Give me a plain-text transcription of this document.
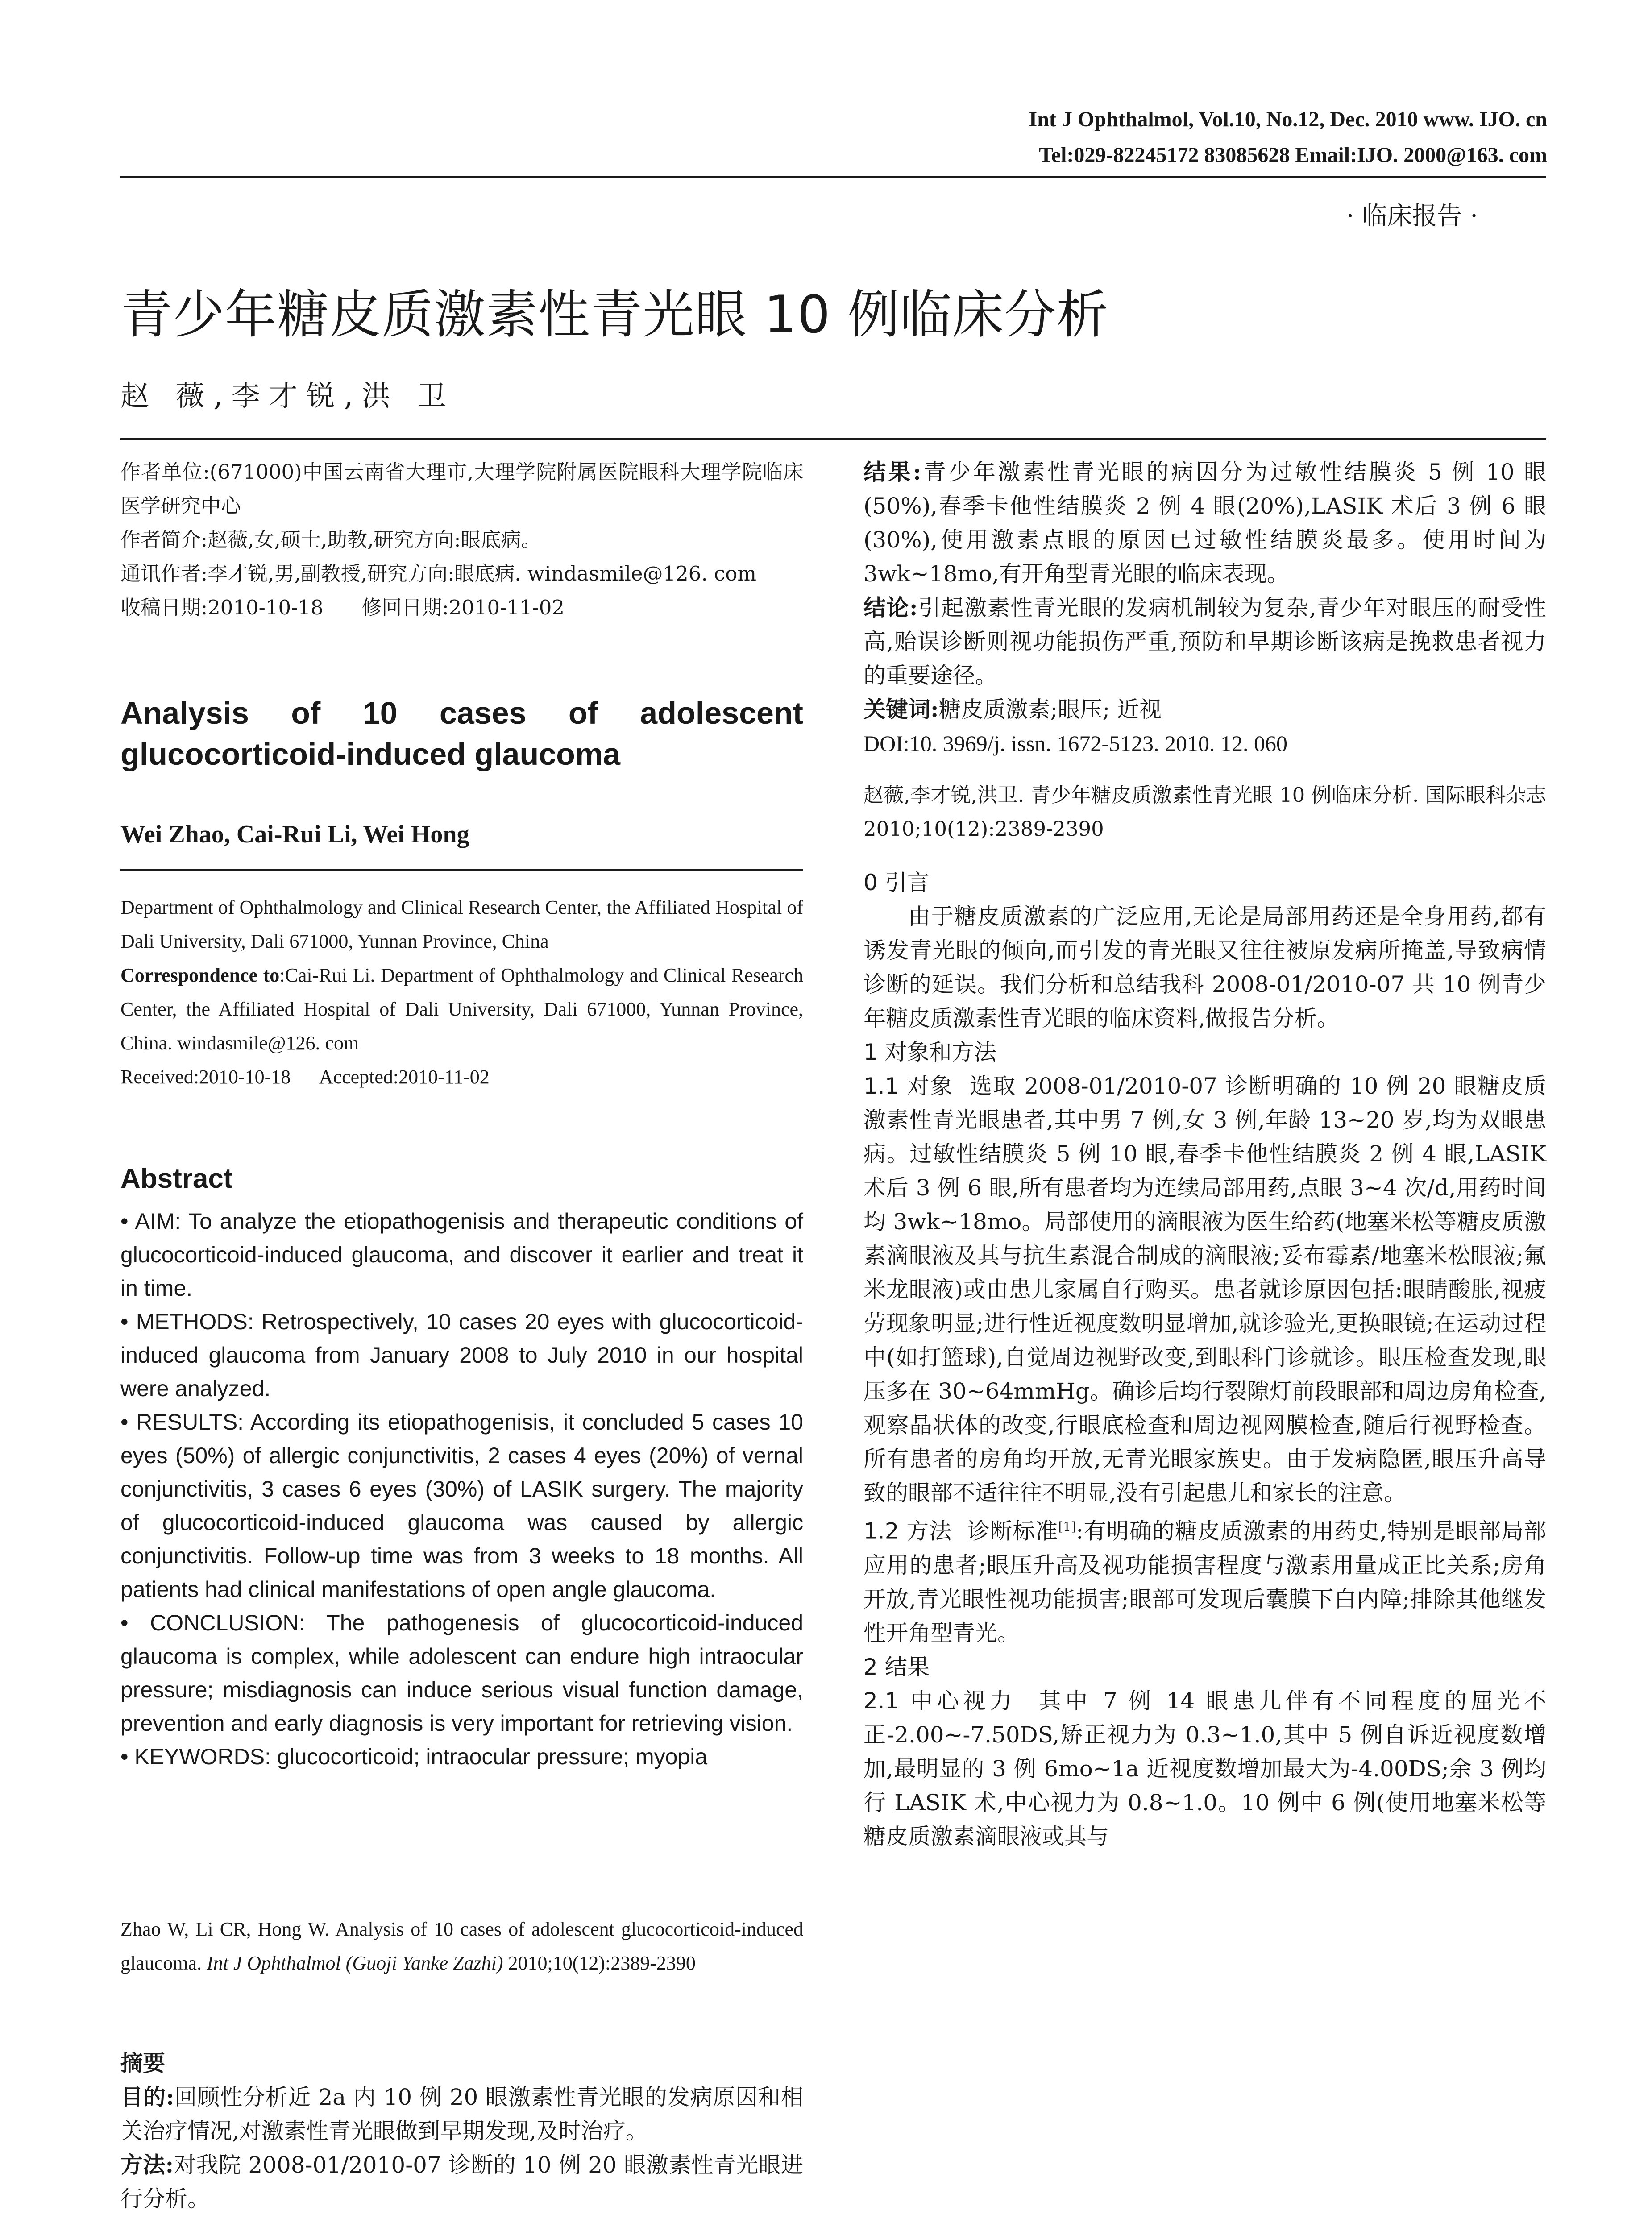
Int J Ophthalmol, Vol.10, No.12, Dec. 2010 www. IJO. cn
Tel:029-82245172 83085628 Email:IJO. 2000@163. com
· 临床报告 ·
青少年糖皮质激素性青光眼 10 例临床分析
赵 薇,李才锐,洪 卫

作者单位:(671000)中国云南省大理市,大理学院附属医院眼科大理学院临床医学研究中心

作者简介:赵薇,女,硕士,助教,研究方向:眼底病。

通讯作者:李才锐,男,副教授,研究方向:眼底病. windasmile@126. com

收稿日期:2010-10-18      修回日期:2010-11-02

Analysis of 10 cases of adolescent glucocorticoid-induced glaucoma
Wei Zhao, Cai-Rui Li, Wei Hong

Department of Ophthalmology and Clinical Research Center, the Affiliated Hospital of Dali University, Dali 671000, Yunnan Province, China

Correspondence to:Cai-Rui Li. Department of Ophthalmology and Clinical Research Center, the Affiliated Hospital of Dali University, Dali 671000, Yunnan Province, China. windasmile@126. com

Received:2010-10-18      Accepted:2010-11-02

Abstract

• AIM: To analyze the etiopathogenisis and therapeutic conditions of glucocorticoid-induced glaucoma, and discover it earlier and treat it in time.

• METHODS: Retrospectively, 10 cases 20 eyes with glucocorticoid-induced glaucoma from January 2008 to July 2010 in our hospital were analyzed.

• RESULTS: According its etiopathogenisis, it concluded 5 cases 10 eyes (50%) of allergic conjunctivitis, 2 cases 4 eyes (20%) of vernal conjunctivitis, 3 cases 6 eyes (30%) of LASIK surgery. The majority of glucocorticoid-induced glaucoma was caused by allergic conjunctivitis. Follow-up time was from 3 weeks to 18 months. All patients had clinical manifestations of open angle glaucoma.

• CONCLUSION: The pathogenesis of glucocorticoid-induced glaucoma is complex, while adolescent can endure high intraocular pressure; misdiagnosis can induce serious visual function damage, prevention and early diagnosis is very important for retrieving vision.

• KEYWORDS: glucocorticoid; intraocular pressure; myopia

Zhao W, Li CR, Hong W. Analysis of 10 cases of adolescent glucocorticoid-induced glaucoma. Int J Ophthalmol (Guoji Yanke Zazhi) 2010;10(12):2389-2390

摘要

目的:回顾性分析近 2a 内 10 例 20 眼激素性青光眼的发病原因和相关治疗情况,对激素性青光眼做到早期发现,及时治疗。

方法:对我院 2008-01/2010-07 诊断的 10 例 20 眼激素性青光眼进行分析。

结果:青少年激素性青光眼的病因分为过敏性结膜炎 5 例 10 眼(50%),春季卡他性结膜炎 2 例 4 眼(20%),LASIK 术后 3 例 6 眼(30%),使用激素点眼的原因已过敏性结膜炎最多。使用时间为 3wk~18mo,有开角型青光眼的临床表现。

结论:引起激素性青光眼的发病机制较为复杂,青少年对眼压的耐受性高,贻误诊断则视功能损伤严重,预防和早期诊断该病是挽救患者视力的重要途径。

关键词:糖皮质激素;眼压; 近视

DOI:10. 3969/j. issn. 1672-5123. 2010. 12. 060

赵薇,李才锐,洪卫. 青少年糖皮质激素性青光眼 10 例临床分析. 国际眼科杂志 2010;10(12):2389-2390

0 引言

由于糖皮质激素的广泛应用,无论是局部用药还是全身用药,都有诱发青光眼的倾向,而引发的青光眼又往往被原发病所掩盖,导致病情诊断的延误。我们分析和总结我科 2008-01/2010-07 共 10 例青少年糖皮质激素性青光眼的临床资料,做报告分析。

1 对象和方法

1.1 对象 选取 2008-01/2010-07 诊断明确的 10 例 20 眼糖皮质激素性青光眼患者,其中男 7 例,女 3 例,年龄 13~20 岁,均为双眼患病。过敏性结膜炎 5 例 10 眼,春季卡他性结膜炎 2 例 4 眼,LASIK 术后 3 例 6 眼,所有患者均为连续局部用药,点眼 3~4 次/d,用药时间均 3wk~18mo。局部使用的滴眼液为医生给药(地塞米松等糖皮质激素滴眼液及其与抗生素混合制成的滴眼液;妥布霉素/地塞米松眼液;氟米龙眼液)或由患儿家属自行购买。患者就诊原因包括:眼睛酸胀,视疲劳现象明显;进行性近视度数明显增加,就诊验光,更换眼镜;在运动过程中(如打篮球),自觉周边视野改变,到眼科门诊就诊。眼压检查发现,眼压多在 30~64mmHg。确诊后均行裂隙灯前段眼部和周边房角检查,观察晶状体的改变,行眼底检查和周边视网膜检查,随后行视野检查。所有患者的房角均开放,无青光眼家族史。由于发病隐匿,眼压升高导致的眼部不适往往不明显,没有引起患儿和家长的注意。

1.2 方法 诊断标准[1]:有明确的糖皮质激素的用药史,特别是眼部局部应用的患者;眼压升高及视功能损害程度与激素用量成正比关系;房角开放,青光眼性视功能损害;眼部可发现后囊膜下白内障;排除其他继发性开角型青光。

2 结果

2.1 中心视力 其中 7 例 14 眼患儿伴有不同程度的屈光不正-2.00~-7.50DS,矫正视力为 0.3~1.0,其中 5 例自诉近视度数增加,最明显的 3 例 6mo~1a 近视度数增加最大为-4.00DS;余 3 例均行 LASIK 术,中心视力为 0.8~1.0。10 例中 6 例(使用地塞米松等糖皮质激素滴眼液或其与
